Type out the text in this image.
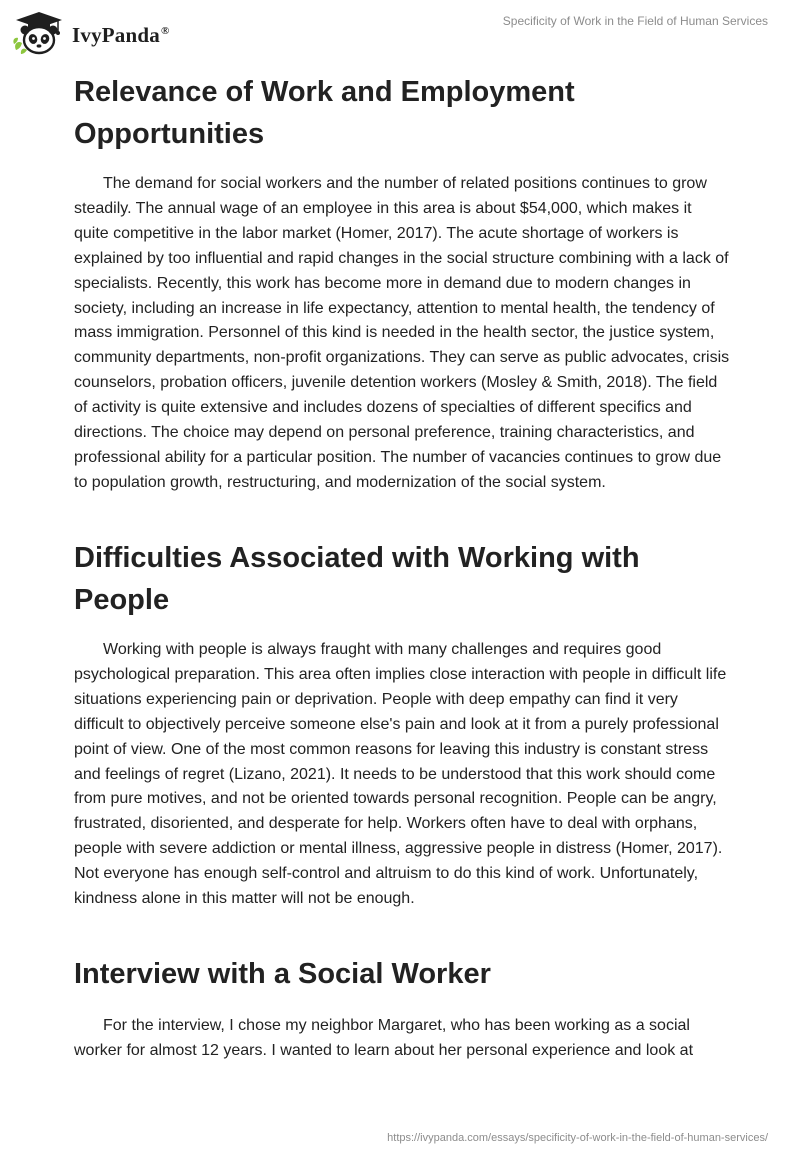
IvyPanda®
Specificity of Work in the Field of Human Services
Relevance of Work and Employment Opportunities

The demand for social workers and the number of related positions continues to grow steadily. The annual wage of an employee in this area is about $54,000, which makes it quite competitive in the labor market (Homer, 2017). The acute shortage of workers is explained by too influential and rapid changes in the social structure combining with a lack of specialists. Recently, this work has become more in demand due to modern changes in society, including an increase in life expectancy, attention to mental health, the tendency of mass immigration. Personnel of this kind is needed in the health sector, the justice system, community departments, non-profit organizations. They can serve as public advocates, crisis counselors, probation officers, juvenile detention workers (Mosley & Smith, 2018). The field of activity is quite extensive and includes dozens of specialties of different specifics and directions. The choice may depend on personal preference, training characteristics, and professional ability for a particular position. The number of vacancies continues to grow due to population growth, restructuring, and modernization of the social system.

Difficulties Associated with Working with People

Working with people is always fraught with many challenges and requires good psychological preparation. This area often implies close interaction with people in difficult life situations experiencing pain or deprivation. People with deep empathy can find it very difficult to objectively perceive someone else's pain and look at it from a purely professional point of view. One of the most common reasons for leaving this industry is constant stress and feelings of regret (Lizano, 2021). It needs to be understood that this work should come from pure motives, and not be oriented towards personal recognition. People can be angry, frustrated, disoriented, and desperate for help. Workers often have to deal with orphans, people with severe addiction or mental illness, aggressive people in distress (Homer, 2017). Not everyone has enough self-control and altruism to do this kind of work. Unfortunately, kindness alone in this matter will not be enough.

Interview with a Social Worker

For the interview, I chose my neighbor Margaret, who has been working as a social worker for almost 12 years. I wanted to learn about her personal experience and look at

https://ivypanda.com/essays/specificity-of-work-in-the-field-of-human-services/
